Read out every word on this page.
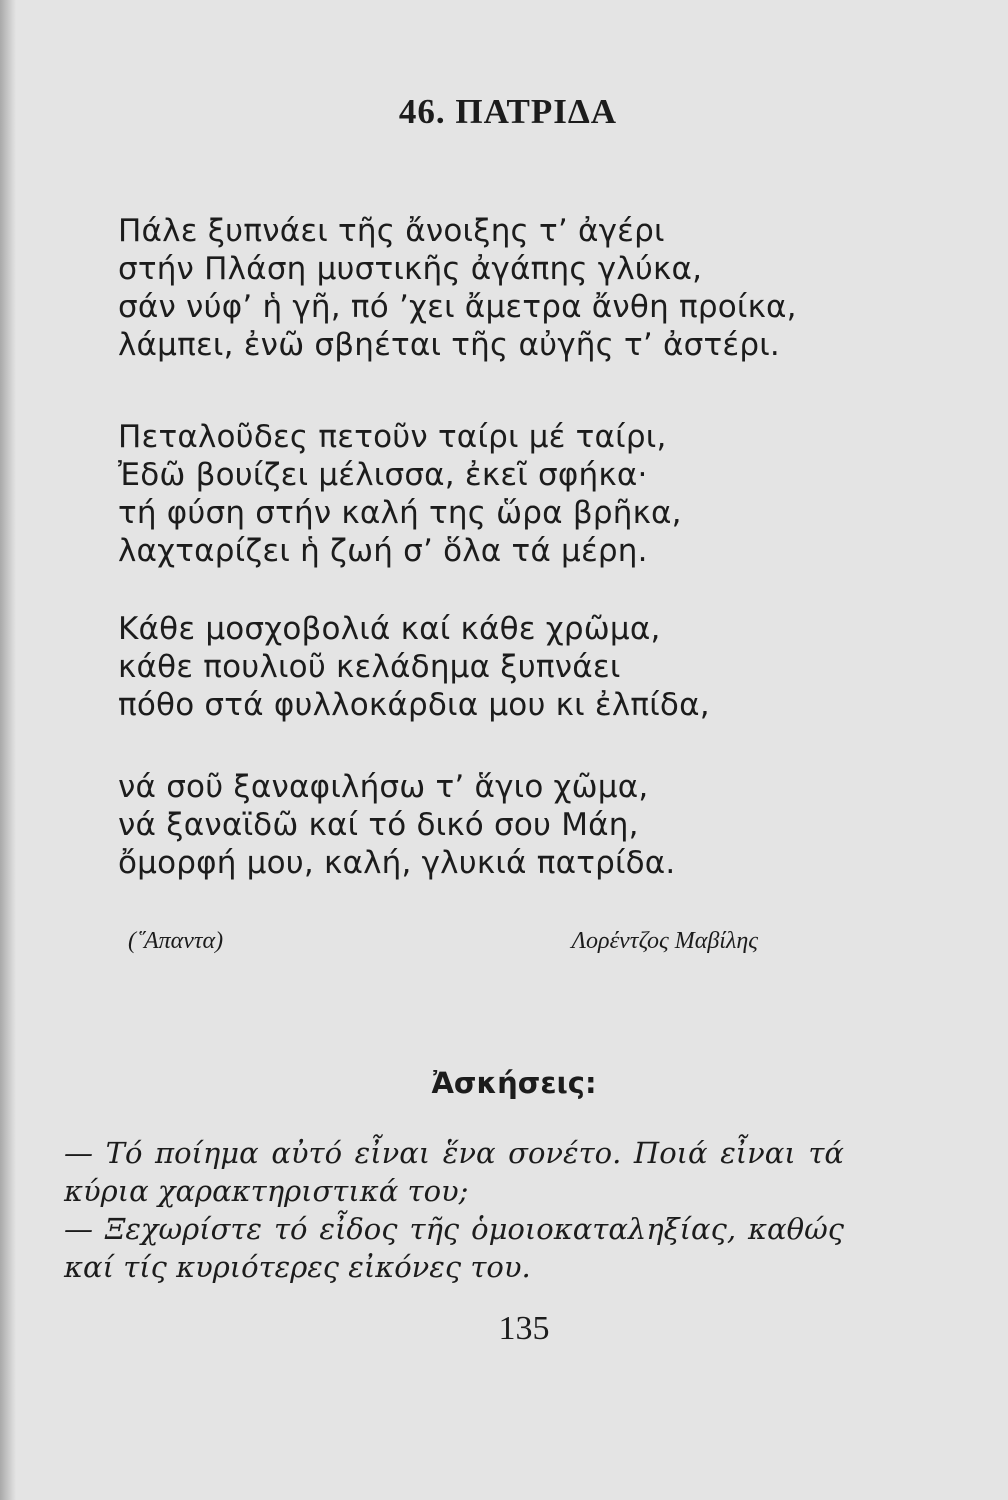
46. ΠΑΤΡΙΔΑ
Πάλε ξυπνάει τῆς ἄνοιξης τ’ ἀγέρι
στήν Πλάση μυστικῆς ἀγάπης γλύκα,
σάν νύφ’ ἡ γῆ, πό ’χει ἄμετρα ἄνθη προίκα,
λάμπει, ἐνῶ σβηέται τῆς αὐγῆς τ’ ἀστέρι.
Πεταλοῦδες πετοῦν ταίρι μέ ταίρι,
Ἐδῶ βουίζει μέλισσα, ἐκεῖ σφήκα·
τή φύση στήν καλή της ὥρα βρῆκα,
λαχταρίζει ἡ ζωή σ’ ὅλα τά μέρη.
Κάθε μοσχοβολιά καί κάθε χρῶμα,
κάθε πουλιοῦ κελάδημα ξυπνάει
πόθο στά φυλλοκάρδια μου κι ἐλπίδα,
νά σοῦ ξαναφιλήσω τ’ ἅγιο χῶμα,
νά ξαναϊδῶ καί τό δικό σου Μάη,
ὄμορφή μου, καλή, γλυκιά πατρίδα.
(῞Απαντα)	Λορέντζος Μαβίλης
Ἀσκήσεις:
— Τό ποίημα αὐτό εἶναι ἕνα σονέτο. Ποιά εἶναι τά κύρια χαρακτηριστικά του;
— Ξεχωρίστε τό εἶδος τῆς ὁμοιοκαταληξίας, καθώς καί τίς κυριότερες εἰκόνες του.
135
